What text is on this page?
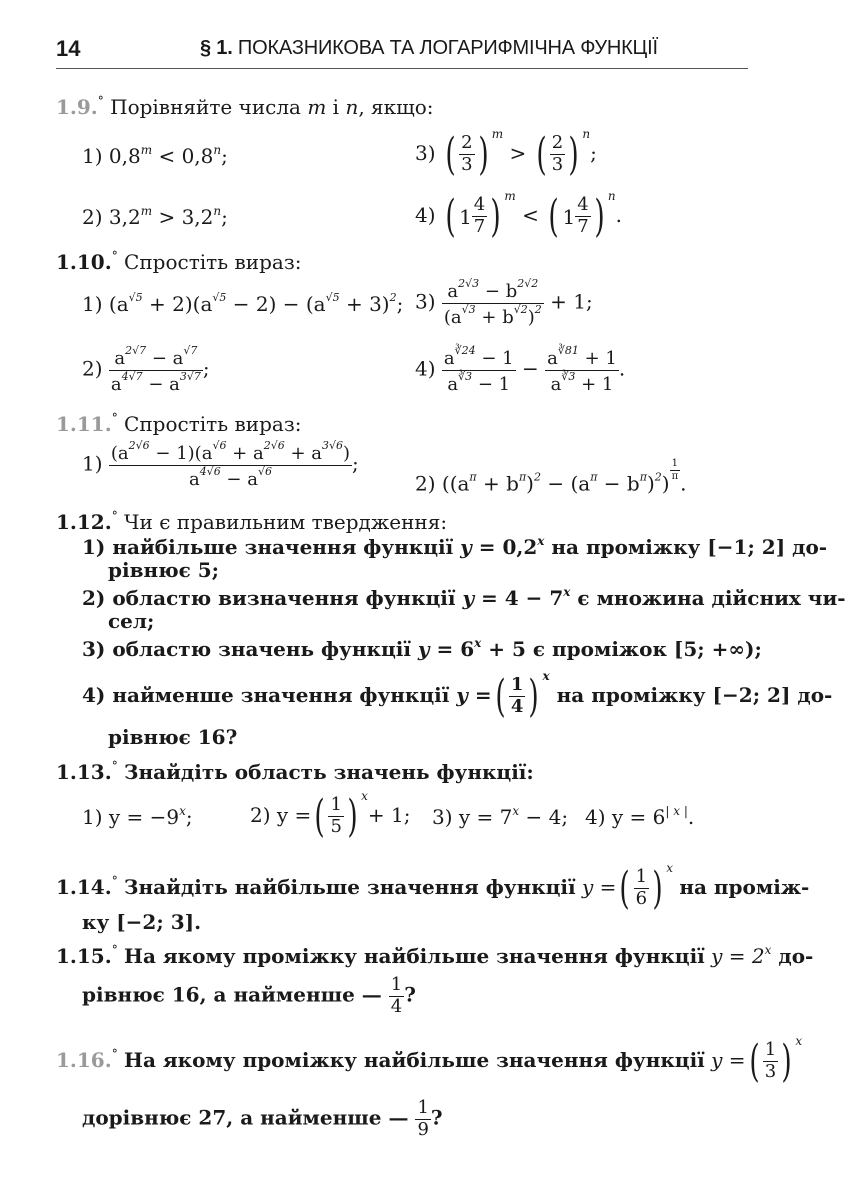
14	§ 1. ПОКАЗНИКОВА ТА ЛОГАРИФМІЧНА ФУНКЦІЇ
1.9.° Порівняйте числа m і n, якщо:
1) $0,8^m < 0,8^n$;	3) ( $\frac{2}{3}$ ) $^m$ > ( $\frac{2}{3}$ ) $^n$;
2) $3,2^m > 3,2^n$;	4) ( $1 \frac{4}{7}$ ) $^m$ < ( $1 \frac{4}{7}$ ) $^n$.
1.10.° Спростіть вираз:
1) $(a^{√5} + 2)(a^{√5} - 2) - (a^{√5} + 3)^2$; $3) \frac{a^{2√3} - b^{2√2}}{(a^{√3} + b^{√2})^2} + 1$;
$2) \frac{a^{2√7} - a^{√7}}{a^{4√7} - a^{3√7}}$ ;	$4) \frac{a^{∛24} - 1}{a^{∛3} - 1} - \frac{a^{∛81} + 1}{a^{∛3} + 1}$ .
1.11.° Спростіть вираз:
$1) \frac{(a^{2√6} - 1)(a^{√6} + a^{2√6} + a^{3√6})}{a^{4√6} - a^{√6}}$ ;
2) $((a^\pi + b^\pi)^2 - (a^\pi - b^\pi)^2)$
$\frac{1}{\pi}$
.
1.12.° Чи є правильним твердження:
1) найбільше значення функції $y = 0,2^x$ на проміжку [−1; 2] до-
рівнює 5;
2) областю визначення функції $y = 4 - 7^x$ є множина дійсних чи-
сел;
3) областю значень функції $y = 6^x + 5$ є проміжок [5; +∞);
4) найменше значення функції y =( $\frac{1}{4}$ ) $^x$ на проміжку [−2; 2] до-
рівнює 16?
1.13.° Знайдіть область значень функції:
1) $y = -9^x$;	2) y =( $\frac{1}{5}$ ) $^x$+ 1; 3) $y = 7^x - 4$; 4) $y = 6^{| x |}$.
1.14.° Знайдіть найбільше значення функції y =( $\frac{1}{6}$ ) $^x$ на проміж-
ку [−2; 3].
1.15.° На якому проміжку найбільше значення функції $y = 2^x$ до-
рівнює 16, а найменше — $\frac{1}{4}$ ?
1.16.° На якому проміжку найбільше значення функції y =( $\frac{1}{3}$ ) $^x$
дорівнює 27, а найменше — $\frac{1}{9}$ ?
